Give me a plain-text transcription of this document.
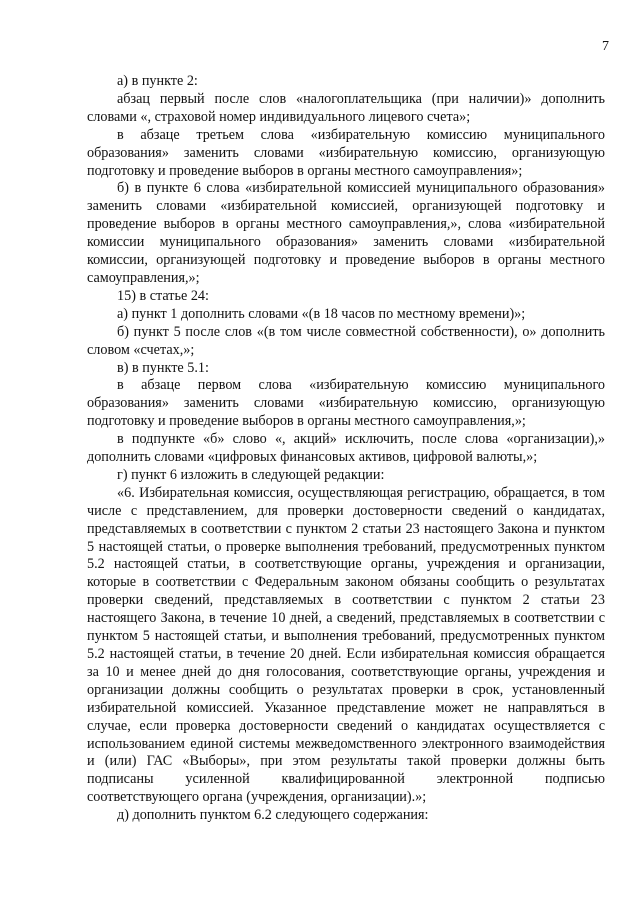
7

а) в пункте 2:

абзац первый после слов «налогоплательщика (при наличии)» дополнить словами «, страховой номер индивидуального лицевого счета»;

в абзаце третьем слова «избирательную комиссию муниципального образования» заменить словами «избирательную комиссию, организующую подготовку и проведение выборов в органы местного самоуправления»;

б) в пункте 6 слова «избирательной комиссией муниципального образования» заменить словами «избирательной комиссией, организующей подготовку и проведение выборов в органы местного самоуправления,», слова «избирательной комиссии муниципального образования» заменить словами «избирательной комиссии, организующей подготовку и проведение выборов в органы местного самоуправления,»;

15) в статье 24:

а) пункт 1 дополнить словами «(в 18 часов по местному времени)»;

б) пункт 5 после слов «(в том числе совместной собственности), о» дополнить словом «счетах,»;

в) в пункте 5.1:

в абзаце первом слова «избирательную комиссию муниципального образования» заменить словами «избирательную комиссию, организующую подготовку и проведение выборов в органы местного самоуправления,»;

в подпункте «б» слово «, акций» исключить, после слова «организации),» дополнить словами «цифровых финансовых активов, цифровой валюты,»;

г) пункт 6 изложить в следующей редакции:

«6. Избирательная комиссия, осуществляющая регистрацию, обращается, в том числе с представлением, для проверки достоверности сведений о кандидатах, представляемых в соответствии с пунктом 2 статьи 23 настоящего Закона и пунктом 5 настоящей статьи, о проверке выполнения требований, предусмотренных пунктом 5.2 настоящей статьи, в соответствующие органы, учреждения и организации, которые в соответствии с Федеральным законом обязаны сообщить о результатах проверки сведений, представляемых в соответствии с пунктом 2 статьи 23 настоящего Закона, в течение 10 дней, а сведений, представляемых в соответствии с пунктом 5 настоящей статьи, и выполнения требований, предусмотренных пунктом 5.2 настоящей статьи, в течение 20 дней. Если избирательная комиссия обращается за 10 и менее дней до дня голосования, соответствующие органы, учреждения и организации должны сообщить о результатах проверки в срок, установленный избирательной комиссией. Указанное представление может не направляться в случае, если проверка достоверности сведений о кандидатах осуществляется с использованием единой системы межведомственного электронного взаимодействия и (или) ГАС «Выборы», при этом результаты такой проверки должны быть подписаны усиленной квалифицированной электронной подписью соответствующего органа (учреждения, организации).»;

д) дополнить пунктом 6.2 следующего содержания:
